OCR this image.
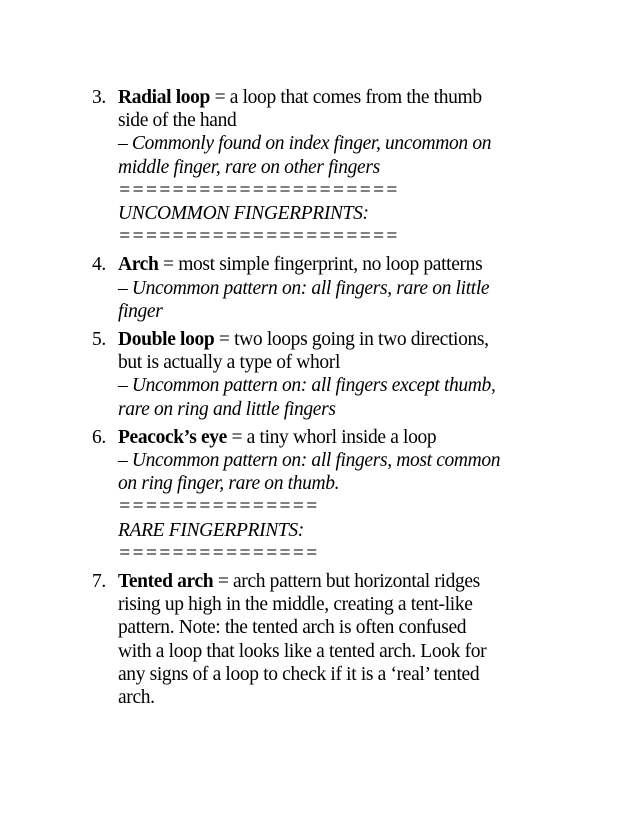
3. Radial loop = a loop that comes from the thumb
side of the hand
– Commonly found on index finger, uncommon on
middle finger, rare on other fingers
=====================
UNCOMMON FINGERPRINTS:
=====================
4. Arch = most simple fingerprint, no loop patterns
– Uncommon pattern on: all fingers, rare on little
finger
5. Double loop = two loops going in two directions,
but is actually a type of whorl
– Uncommon pattern on: all fingers except thumb,
rare on ring and little fingers
6. Peacock’s eye = a tiny whorl inside a loop
– Uncommon pattern on: all fingers, most common
on ring finger, rare on thumb.
===============
RARE FINGERPRINTS:
===============
7. Tented arch = arch pattern but horizontal ridges
rising up high in the middle, creating a tent-like
pattern. Note: the tented arch is often confused
with a loop that looks like a tented arch. Look for
any signs of a loop to check if it is a ‘real’ tented
arch.
